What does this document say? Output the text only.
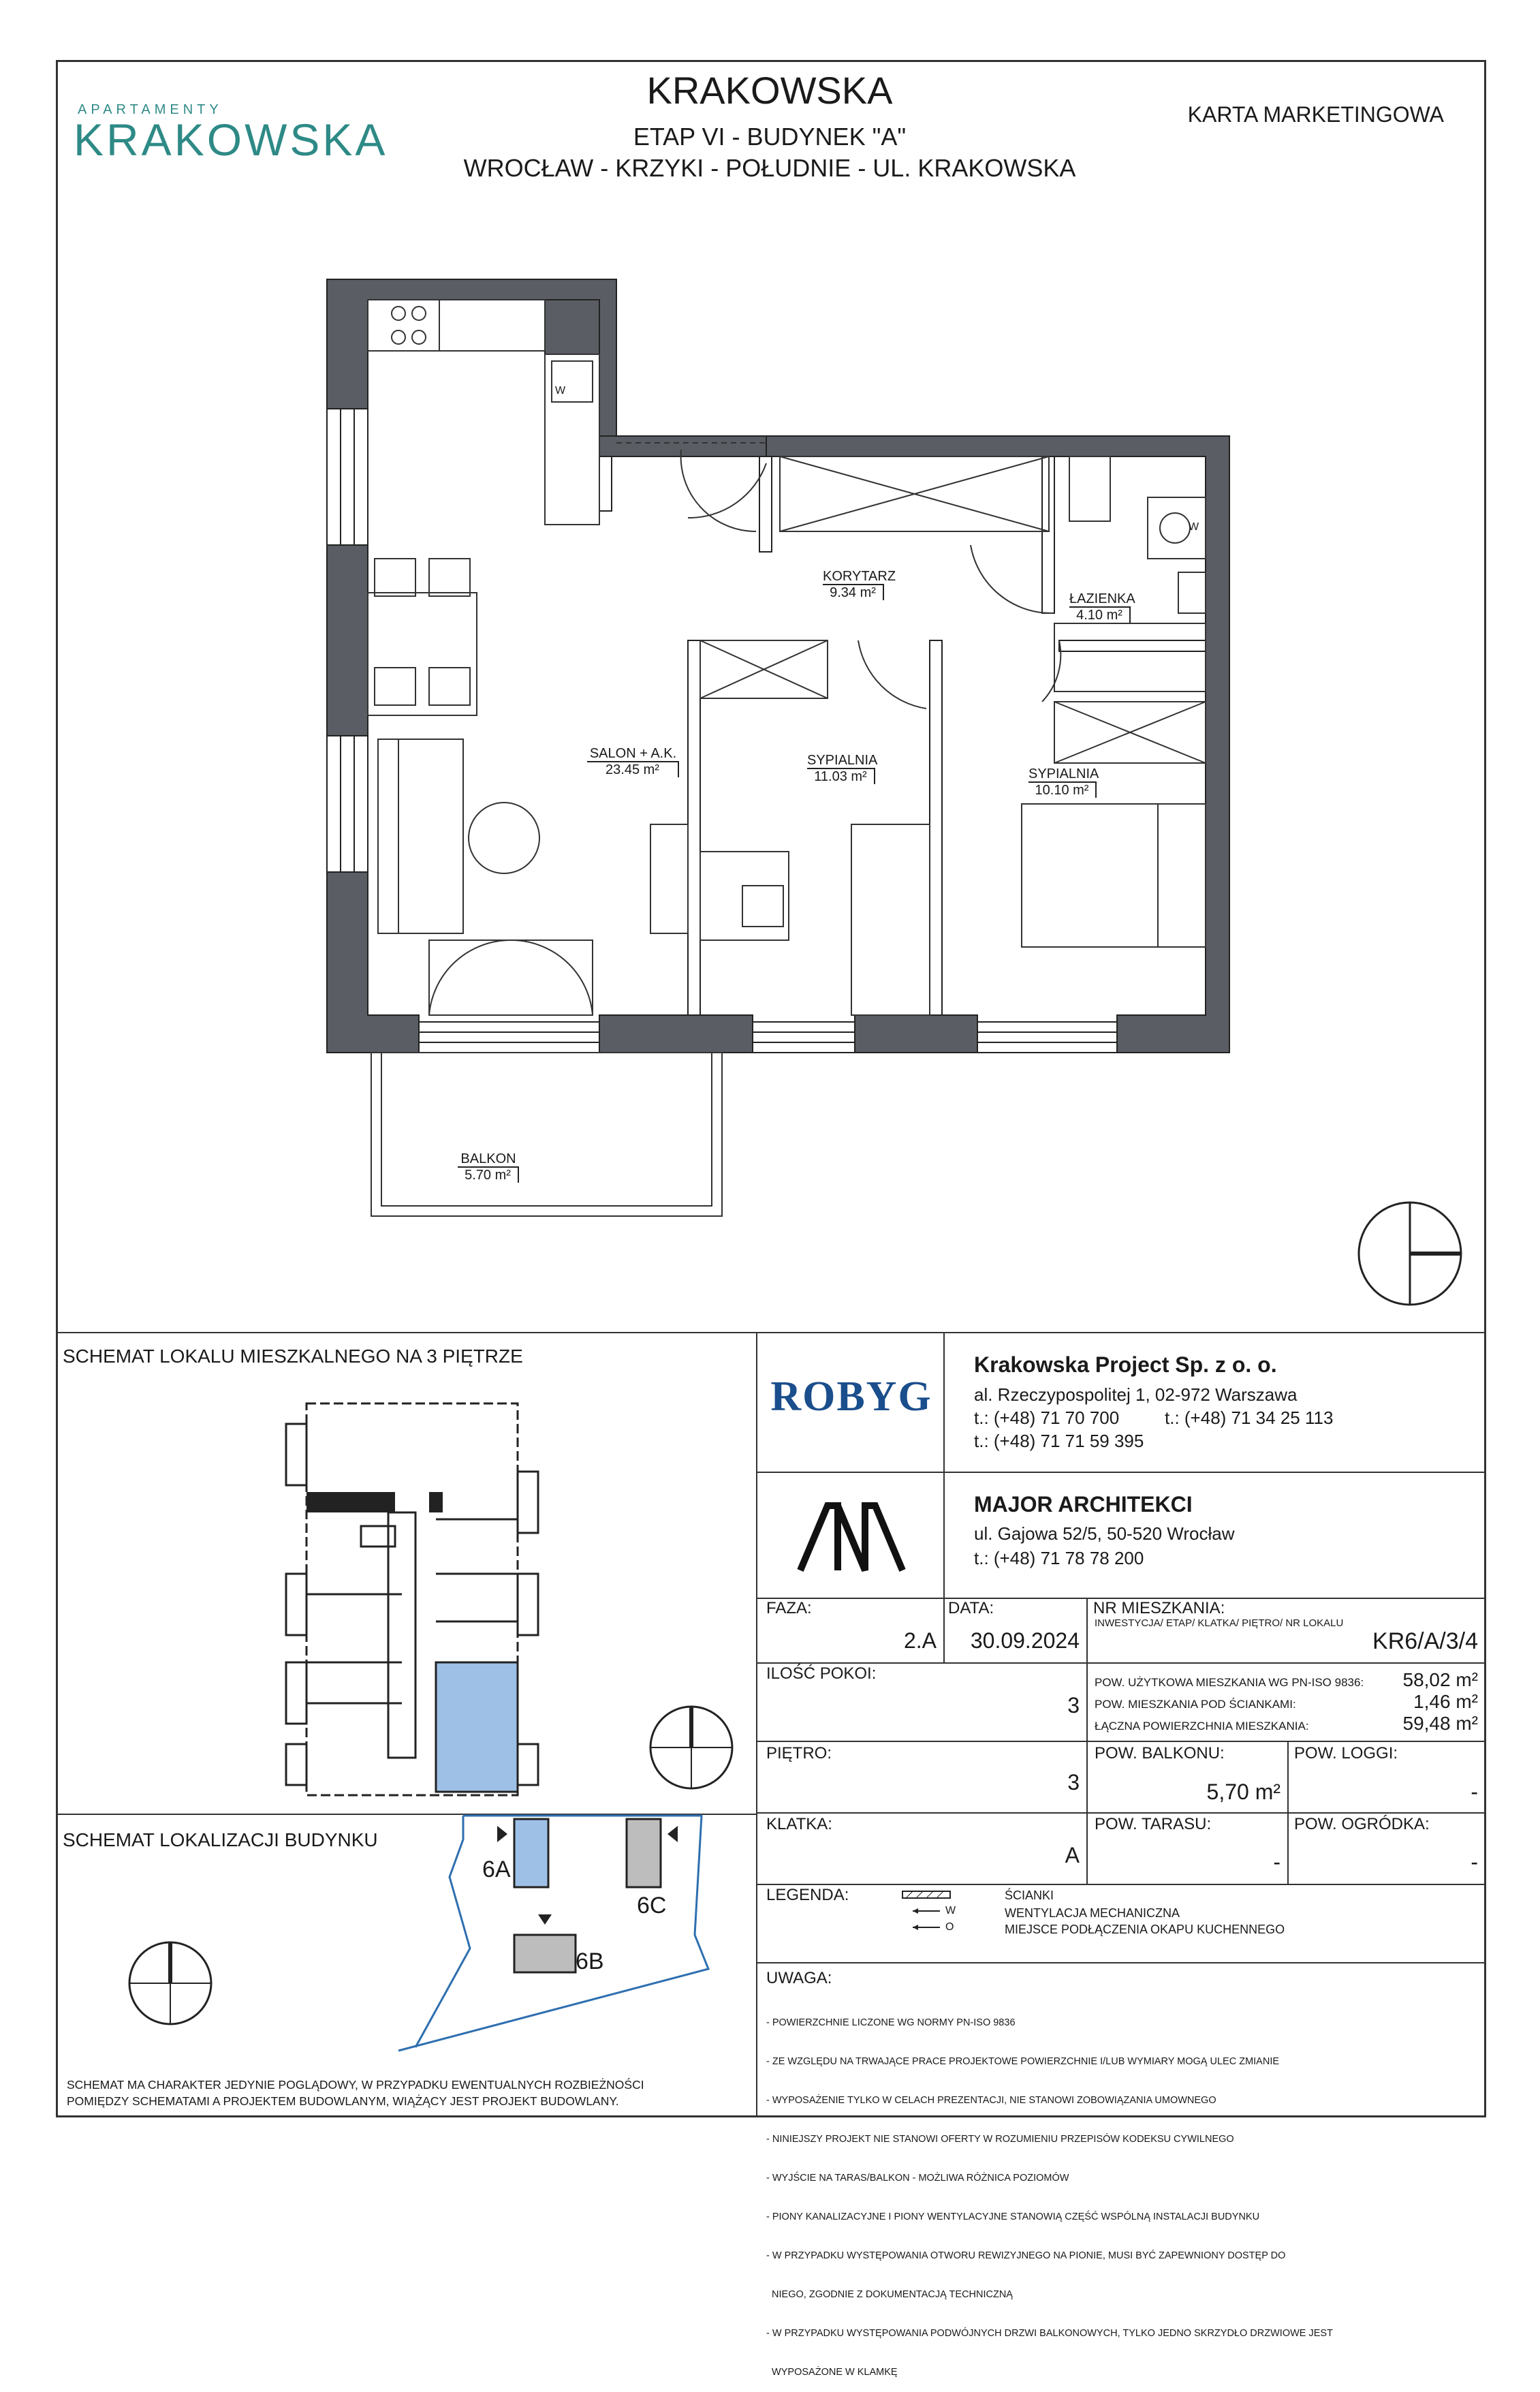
APARTAMENTY
KRAKOWSKA
KRAKOWSKA
ETAP VI - BUDYNEK "A"
WROCŁAW - KRZYKI - POŁUDNIE - UL. KRAKOWSKA
KARTA MARKETINGOWA
KORYTARZ
9.34 m²	ŁAZIENKA
4.10 m²
SALON + A.K.
23.45 m²
SYPIALNIA
11.03 m²	SYPIALNIA
10.10 m²
BALKON
5.70 m²
W
W
SCHEMAT LOKALU MIESZKALNEGO NA 3 PIĘTRZE
SCHEMAT LOKALIZACJI BUDYNKU
6A
6C
6B
SCHEMAT MA CHARAKTER JEDYNIE POGLĄDOWY, W PRZYPADKU EWENTUALNYCH ROZBIEŻNOŚCI
POMIĘDZY SCHEMATAMI A PROJEKTEM BUDOWLANYM, WIĄŻĄCY JEST PROJEKT BUDOWLANY.
ROBYG
Krakowska Project Sp. z o. o.
al. Rzeczypospolitej 1, 02-972 Warszawa
t.: (+48) 71 70 700	t.: (+48) 71 34 25 113
t.: (+48) 71 71 59 395
MAJOR ARCHITEKCI
ul. Gajowa 52/5, 50-520 Wrocław
t.: (+48) 71 78 78 200
FAZA:
2.A
DATA:
30.09.2024
NR MIESZKANIA:
INWESTYCJA/ ETAP/ KLATKA/ PIĘTRO/ NR LOKALU
KR6/A/3/4
ILOŚĆ POKOI:
3
POW. UŻYTKOWA MIESZKANIA WG PN-ISO 9836:	58,02 m²
POW. MIESZKANIA POD ŚCIANKAMI:	1,46 m²
ŁĄCZNA POWIERZCHNIA MIESZKANIA:	59,48 m²
PIĘTRO:
3
POW. BALKONU:
5,70 m²
POW. LOGGI:
-
KLATKA:
A
POW. TARASU:
-
POW. OGRÓDKA:
-
LEGENDA:
W
O
ŚCIANKI
WENTYLACJA MECHANICZNA
MIEJSCE PODŁĄCZENIA OKAPU KUCHENNEGO
UWAGA:

- POWIERZCHNIE LICZONE WG NORMY PN-ISO 9836

- ZE WZGLĘDU NA TRWAJĄCE PRACE PROJEKTOWE POWIERZCHNIE I/LUB WYMIARY MOGĄ ULEC ZMIANIE

- WYPOSAŻENIE TYLKO W CELACH PREZENTACJI, NIE STANOWI ZOBOWIĄZANIA UMOWNEGO

- NINIEJSZY PROJEKT NIE STANOWI OFERTY W ROZUMIENIU PRZEPISÓW KODEKSU CYWILNEGO

- WYJŚCIE NA TARAS/BALKON - MOŻLIWA RÓŻNICA POZIOMÓW

- PIONY KANALIZACYJNE I PIONY WENTYLACYJNE STANOWIĄ CZĘŚĆ WSPÓLNĄ INSTALACJI BUDYNKU

- W PRZYPADKU WYSTĘPOWANIA OTWORU REWIZYJNEGO NA PIONIE, MUSI BYĆ ZAPEWNIONY DOSTĘP DO

NIEGO, ZGODNIE Z DOKUMENTACJĄ TECHNICZNĄ

- W PRZYPADKU WYSTĘPOWANIA PODWÓJNYCH DRZWI BALKONOWYCH, TYLKO JEDNO SKRZYDŁO DRZWIOWE JEST

WYPOSAŻONE W KLAMKĘ
